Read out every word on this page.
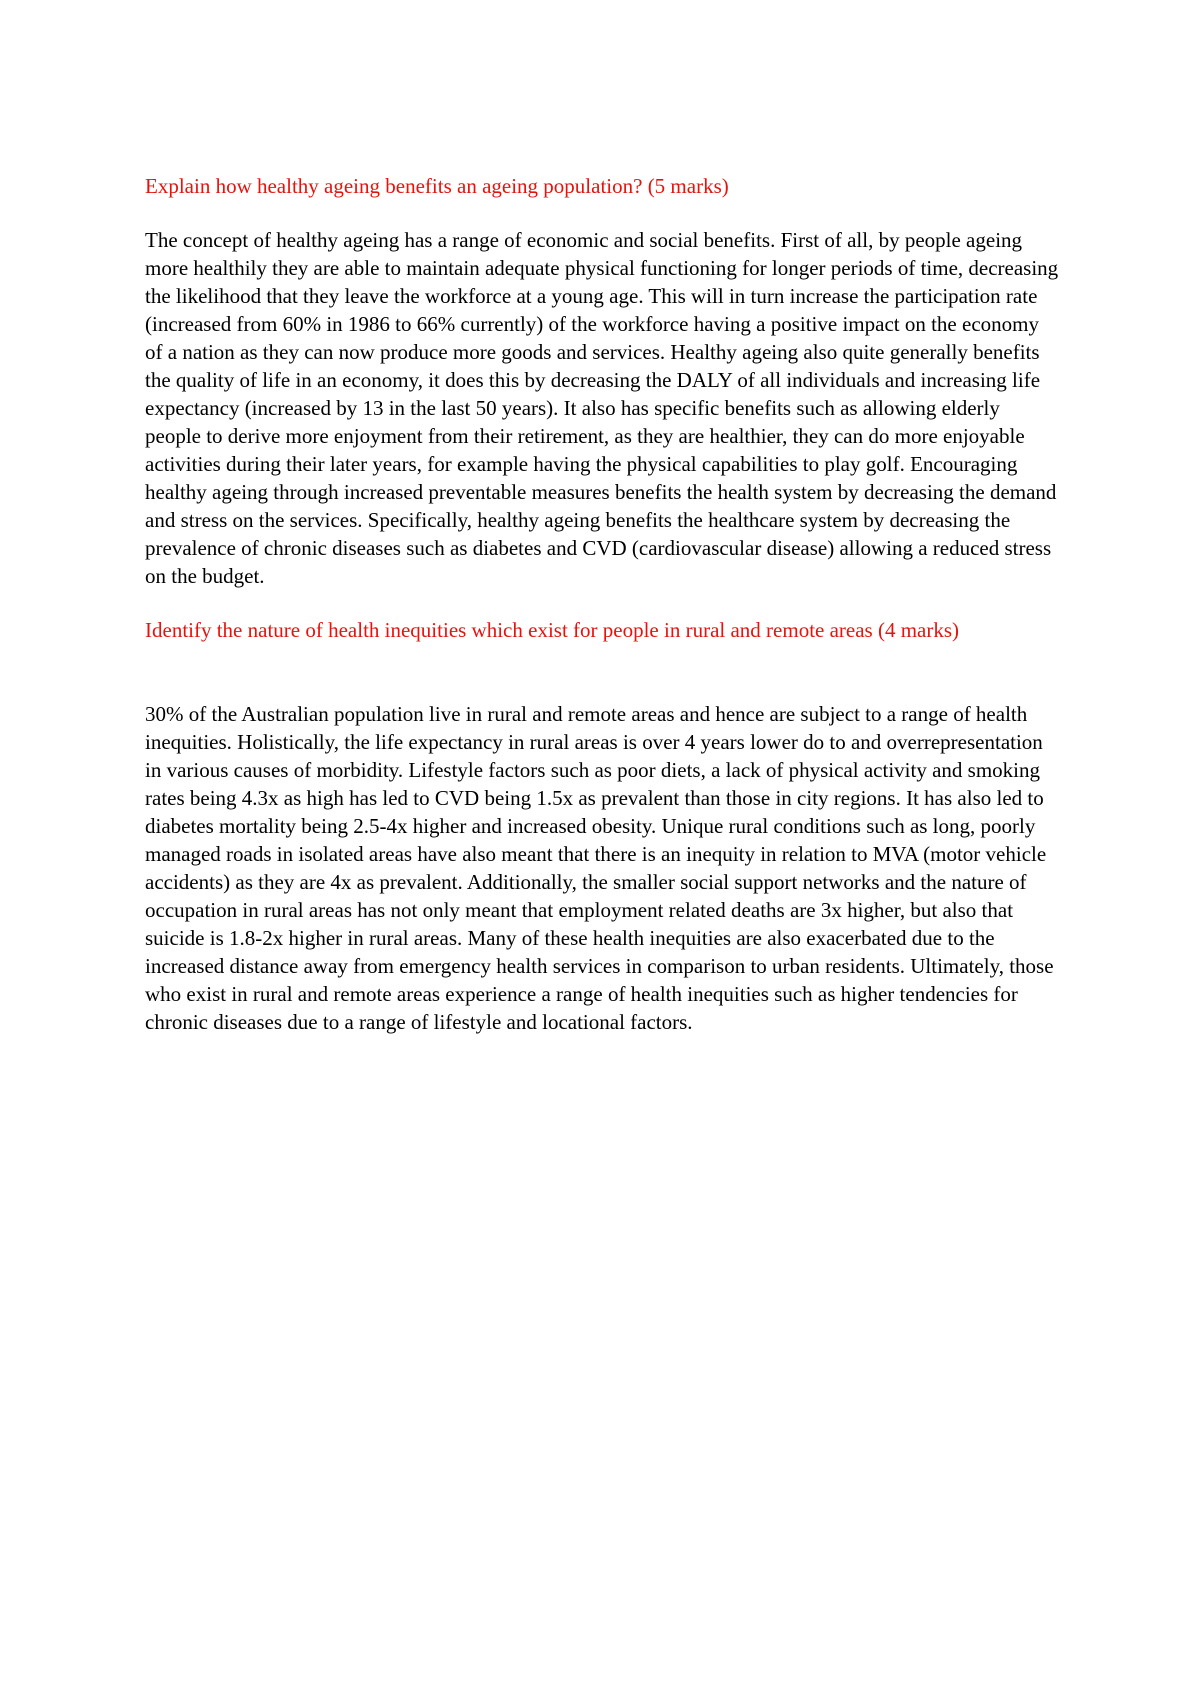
Explain how healthy ageing benefits an ageing population? (5 marks)

The concept of healthy ageing has a range of economic and social benefits. First of all, by people ageing more healthily they are able to maintain adequate physical functioning for longer periods of time, decreasing the likelihood that they leave the workforce at a young age. This will in turn increase the participation rate (increased from 60% in 1986 to 66% currently) of the workforce having a positive impact on the economy of a nation as they can now produce more goods and services. Healthy ageing also quite generally benefits the quality of life in an economy, it does this by decreasing the DALY of all individuals and increasing life expectancy (increased by 13 in the last 50 years). It also has specific benefits such as allowing elderly people to derive more enjoyment from their retirement, as they are healthier, they can do more enjoyable activities during their later years, for example having the physical capabilities to play golf. Encouraging healthy ageing through increased preventable measures benefits the health system by decreasing the demand and stress on the services. Specifically, healthy ageing benefits the healthcare system by decreasing the prevalence of chronic diseases such as diabetes and CVD (cardiovascular disease) allowing a reduced stress on the budget.

Identify the nature of health inequities which exist for people in rural and remote areas (4 marks)

30% of the Australian population live in rural and remote areas and hence are subject to a range of health inequities. Holistically, the life expectancy in rural areas is over 4 years lower do to and overrepresentation in various causes of morbidity. Lifestyle factors such as poor diets, a lack of physical activity and smoking rates being 4.3x as high has led to CVD being 1.5x as prevalent than those in city regions. It has also led to diabetes mortality being 2.5-4x higher and increased obesity. Unique rural conditions such as long, poorly managed roads in isolated areas have also meant that there is an inequity in relation to MVA (motor vehicle accidents) as they are 4x as prevalent. Additionally, the smaller social support networks and the nature of occupation in rural areas has not only meant that employment related deaths are 3x higher, but also that suicide is 1.8-2x higher in rural areas. Many of these health inequities are also exacerbated due to the increased distance away from emergency health services in comparison to urban residents. Ultimately, those who exist in rural and remote areas experience a range of health inequities such as higher tendencies for chronic diseases due to a range of lifestyle and locational factors.
